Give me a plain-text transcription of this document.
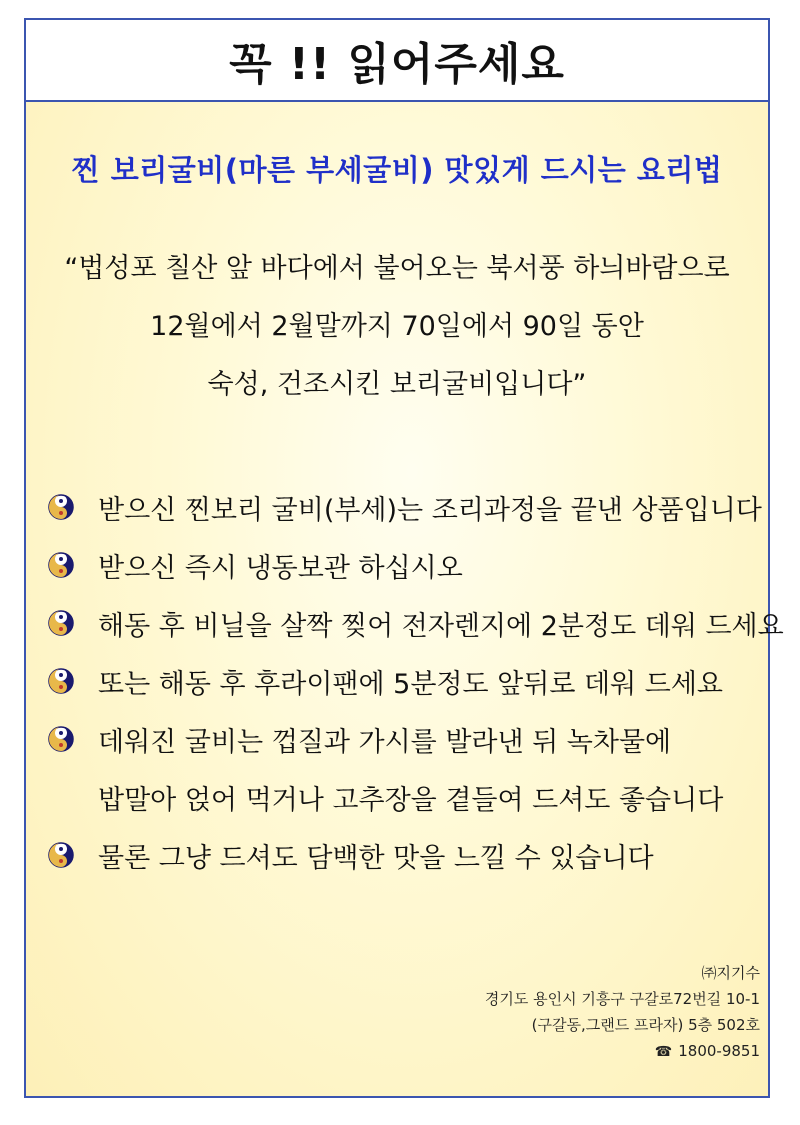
꼭 !! 읽어주세요
찐 보리굴비(마른 부세굴비) 맛있게 드시는 요리법
“법성포 칠산 앞 바다에서 불어오는 북서풍 하늬바람으로
12월에서 2월말까지 70일에서 90일 동안
숙성, 건조시킨 보리굴비입니다”
받으신 찐보리 굴비(부세)는 조리과정을 끝낸 상품입니다
받으신 즉시 냉동보관 하십시오
해동 후 비닐을 살짝 찢어 전자렌지에 2분정도 데워 드세요
또는 해동 후 후라이팬에 5분정도 앞뒤로 데워 드세요
데워진 굴비는 껍질과 가시를 발라낸 뒤 녹차물에
밥말아 얹어 먹거나 고추장을 곁들여 드셔도 좋습니다
물론 그냥 드셔도 담백한 맛을 느낄 수 있습니다
㈜지기수
경기도 용인시 기흥구 구갈로72번길 10-1
(구갈동,그랜드 프라자) 5층 502호
☎ 1800-9851
